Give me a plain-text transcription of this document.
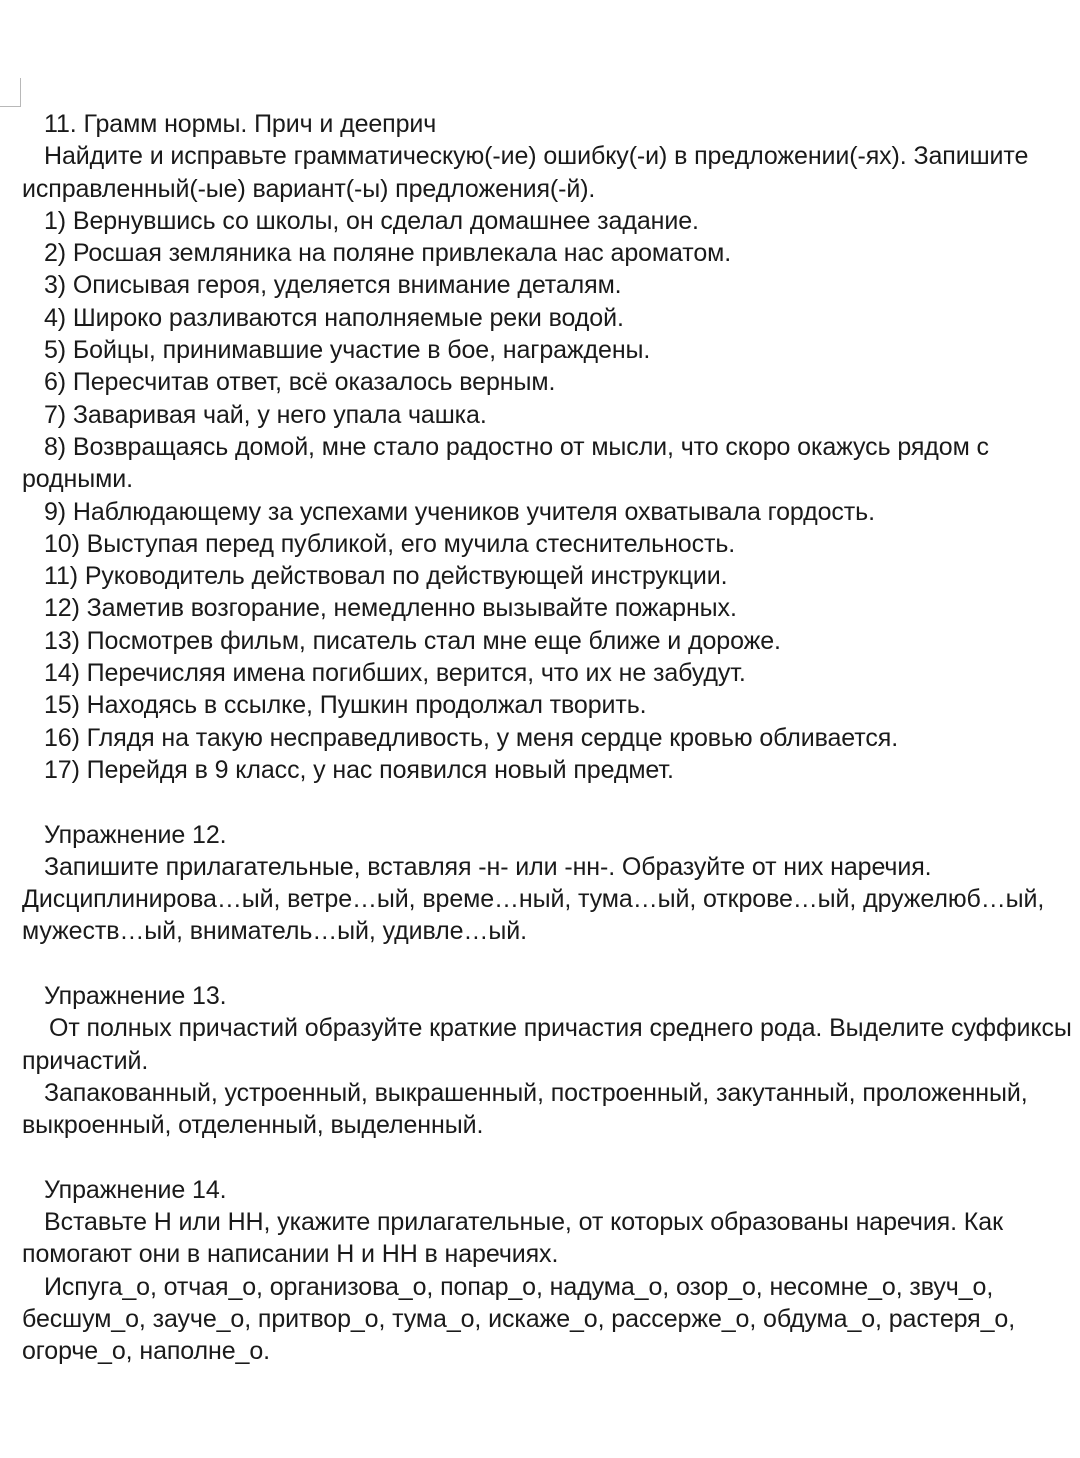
11. Грамм нормы. Прич и дееприч
Найдите и исправьте грамматическую(-ие) ошибку(-и) в предложении(-ях). Запишите исправленный(-ые) вариант(-ы) предложения(-й).
1) Вернувшись со школы, он сделал домашнее задание.
2) Росшая земляника на поляне привлекала нас ароматом.
3) Описывая героя, уделяется внимание деталям.
4) Широко разливаются наполняемые реки водой.
5) Бойцы, принимавшие участие в бое, награждены.
6) Пересчитав ответ, всё оказалось верным.
7) Заваривая чай, у него упала чашка.
8) Возвращаясь домой, мне стало радостно от мысли, что скоро окажусь рядом с родными.
9) Наблюдающему за успехами учеников учителя охватывала гордость.
10) Выступая перед публикой, его мучила стеснительность.
11) Руководитель действовал по действующей инструкции.
12) Заметив возгорание, немедленно вызывайте пожарных.
13) Посмотрев фильм, писатель стал мне еще ближе и дороже.
14) Перечисляя имена погибших, верится, что их не забудут.
15) Находясь в ссылке, Пушкин продолжал творить.
16) Глядя на такую несправедливость, у меня сердце кровью обливается.
17) Перейдя в 9 класс, у нас появился новый предмет.
Упражнение 12.
Запишите прилагательные, вставляя -н- или -нн-. Образуйте от них наречия.
Дисциплинирова…ый, ветре…ый, време…ный, тума…ый, открове…ый, дружелюб…ый, мужеств…ый, вниматель…ый, удивле…ый.
Упражнение 13.
От полных причастий образуйте краткие причастия среднего рода. Выделите суффиксы причастий.
Запакованный, устроенный, выкрашенный, построенный, закутанный, проложенный, выкроенный, отделенный, выделенный.
Упражнение 14.
Вставьте Н или НН, укажите прилагательные, от которых образованы наречия. Как помогают они в написании Н и НН в наречиях.
Испуга_о, отчая_о, организова_о, попар_о, надума_о, озор_о, несомне_о, звуч_о, бесшум_о, зауче_о, притвор_о, тума_о, искаже_о, рассерже_о, обдума_о, растеря_о, огорче_о, наполне_о.
